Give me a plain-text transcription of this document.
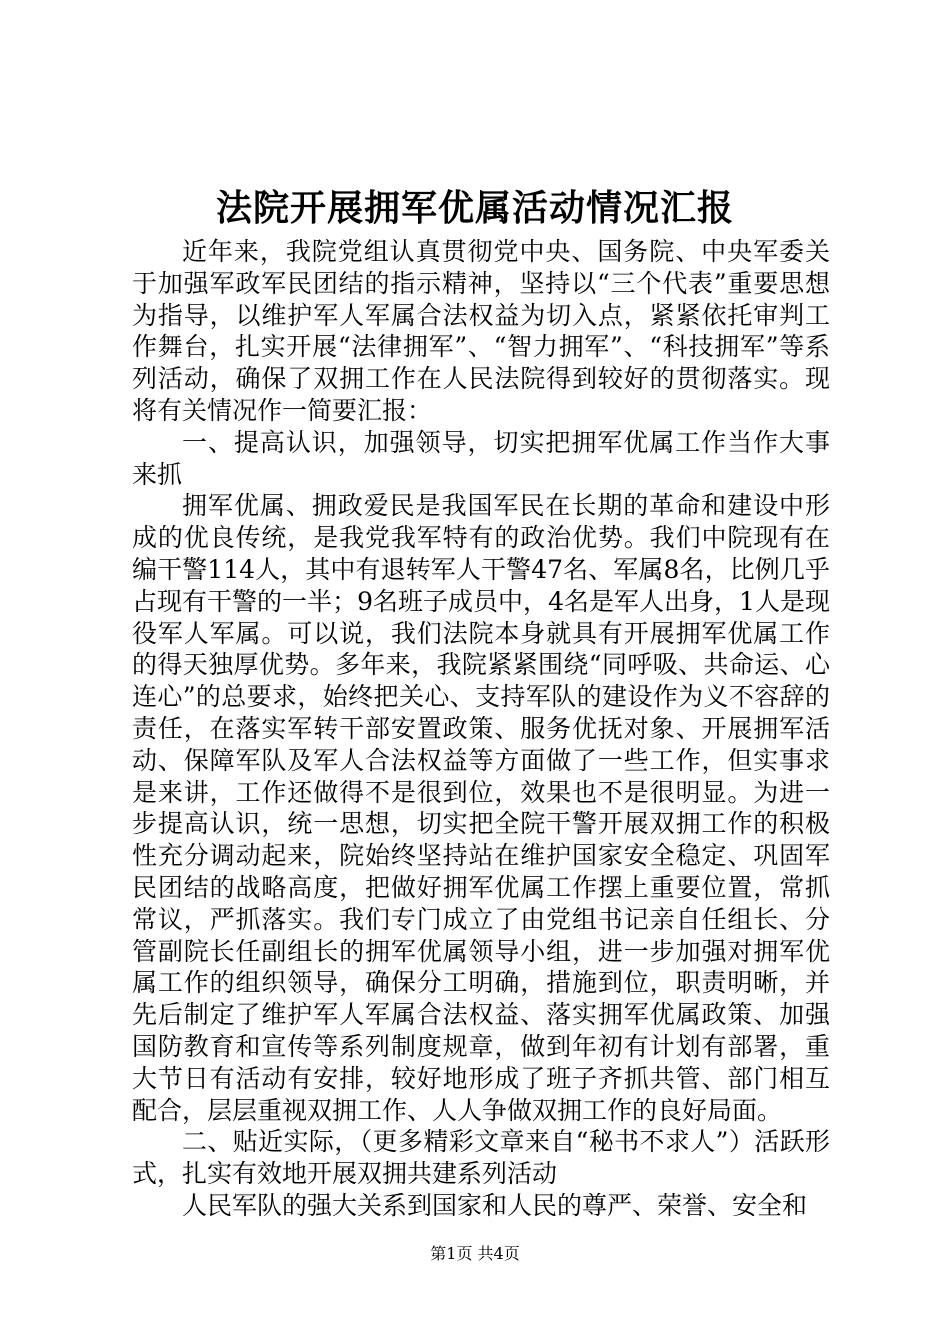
法院开展拥军优属活动情况汇报

近年来，我院党组认真贯彻党中央、国务院、中央军委关于加强军政军民团结的指示精神，坚持以“三个代表”重要思想为指导，以维护军人军属合法权益为切入点，紧紧依托审判工作舞台，扎实开展“法律拥军”、“智力拥军”、“科技拥军”等系列活动，确保了双拥工作在人民法院得到较好的贯彻落实。现将有关情况作一简要汇报：

一、提高认识，加强领导，切实把拥军优属工作当作大事来抓

拥军优属、拥政爱民是我国军民在长期的革命和建设中形成的优良传统，是我党我军特有的政治优势。我们中院现有在编干警114人，其中有退转军人干警47名、军属8名，比例几乎占现有干警的一半；9名班子成员中，4名是军人出身，1人是现役军人军属。可以说，我们法院本身就具有开展拥军优属工作的得天独厚优势。多年来，我院紧紧围绕“同呼吸、共命运、心连心”的总要求，始终把关心、支持军队的建设作为义不容辞的责任，在落实军转干部安置政策、服务优抚对象、开展拥军活动、保障军队及军人合法权益等方面做了一些工作，但实事求是来讲，工作还做得不是很到位，效果也不是很明显。为进一步提高认识，统一思想，切实把全院干警开展双拥工作的积极性充分调动起来，院始终坚持站在维护国家安全稳定、巩固军民团结的战略高度，把做好拥军优属工作摆上重要位置，常抓常议，严抓落实。我们专门成立了由党组书记亲自任组长、分管副院长任副组长的拥军优属领导小组，进一步加强对拥军优属工作的组织领导，确保分工明确，措施到位，职责明晰，并先后制定了维护军人军属合法权益、落实拥军优属政策、加强国防教育和宣传等系列制度规章，做到年初有计划有部署，重大节日有活动有安排，较好地形成了班子齐抓共管、部门相互配合，层层重视双拥工作、人人争做双拥工作的良好局面。

二、贴近实际，（更多精彩文章来自“秘书不求人”）活跃形式，扎实有效地开展双拥共建系列活动

人民军队的强大关系到国家和人民的尊严、荣誉、安全和

第1页 共4页
